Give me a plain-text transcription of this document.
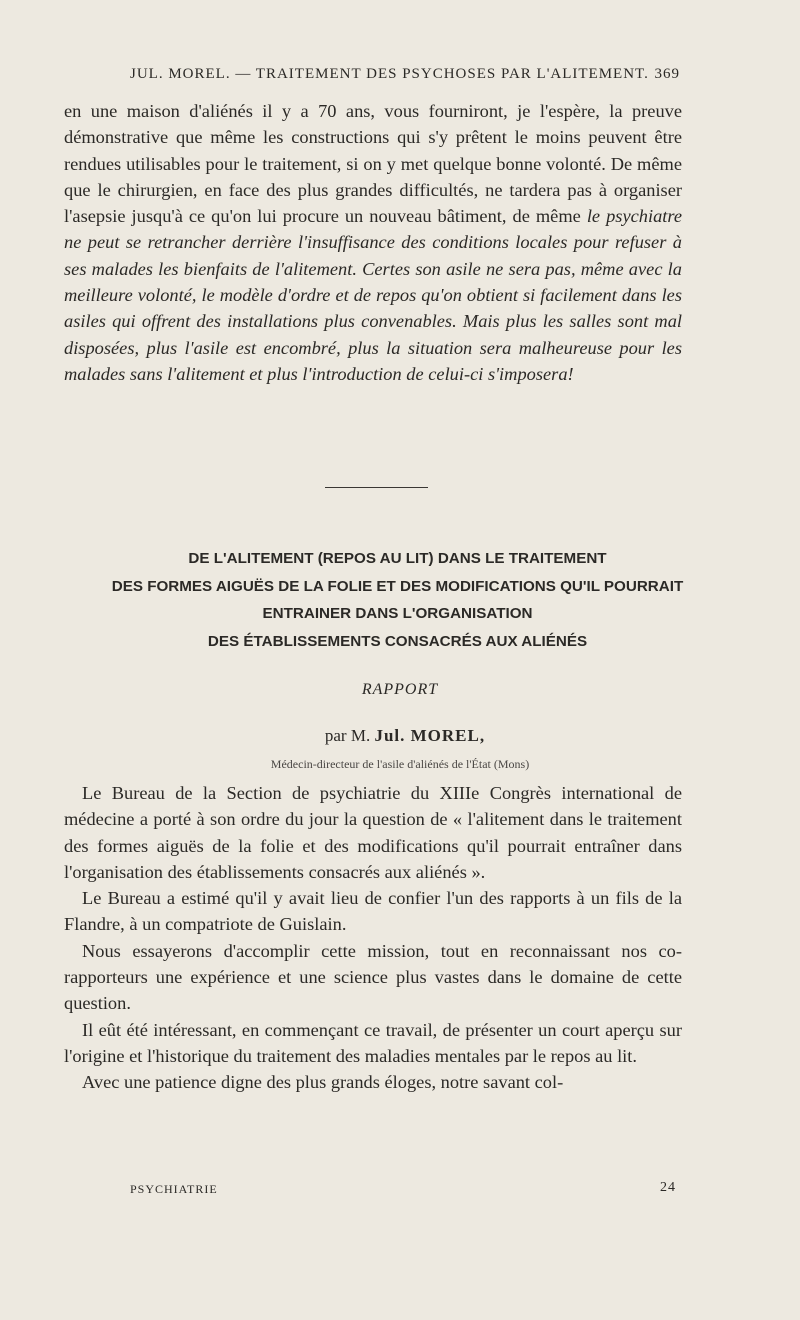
JUL. MOREL. — TRAITEMENT DES PSYCHOSES PAR L'ALITEMENT. 369

en une maison d'aliénés il y a 70 ans, vous fourniront, je l'espère, la preuve démonstrative que même les constructions qui s'y prêtent le moins peuvent être rendues utilisables pour le traitement, si on y met quelque bonne volonté. De même que le chirurgien, en face des plus grandes difficultés, ne tardera pas à organiser l'asepsie jusqu'à ce qu'on lui procure un nouveau bâtiment, de même le psychiatre ne peut se retrancher derrière l'insuffisance des conditions locales pour refuser à ses malades les bienfaits de l'alitement. Certes son asile ne sera pas, même avec la meilleure volonté, le modèle d'ordre et de repos qu'on obtient si facilement dans les asiles qui offrent des installations plus convenables. Mais plus les salles sont mal disposées, plus l'asile est encombré, plus la situation sera malheureuse pour les malades sans l'alitement et plus l'introduction de celui-ci s'imposera!

DE L'ALITEMENT (REPOS AU LIT) DANS LE TRAITEMENT
DES FORMES AIGUËS DE LA FOLIE ET DES MODIFICATIONS QU'IL POURRAIT
ENTRAINER DANS L'ORGANISATION
DES ÉTABLISSEMENTS CONSACRÉS AUX ALIÉNÉS
RAPPORT
par M. Jul. MOREL,
Médecin-directeur de l'asile d'aliénés de l'État (Mons)

Le Bureau de la Section de psychiatrie du XIIIe Congrès international de médecine a porté à son ordre du jour la question de « l'alitement dans le traitement des formes aiguës de la folie et des modifications qu'il pourrait entraîner dans l'organisation des établissements consacrés aux aliénés ».

Le Bureau a estimé qu'il y avait lieu de confier l'un des rapports à un fils de la Flandre, à un compatriote de Guislain.

Nous essayerons d'accomplir cette mission, tout en reconnaissant nos co-rapporteurs une expérience et une science plus vastes dans le domaine de cette question.

Il eût été intéressant, en commençant ce travail, de présenter un court aperçu sur l'origine et l'historique du traitement des maladies mentales par le repos au lit.

Avec une patience digne des plus grands éloges, notre savant col-

PSYCHIATRIE	24
